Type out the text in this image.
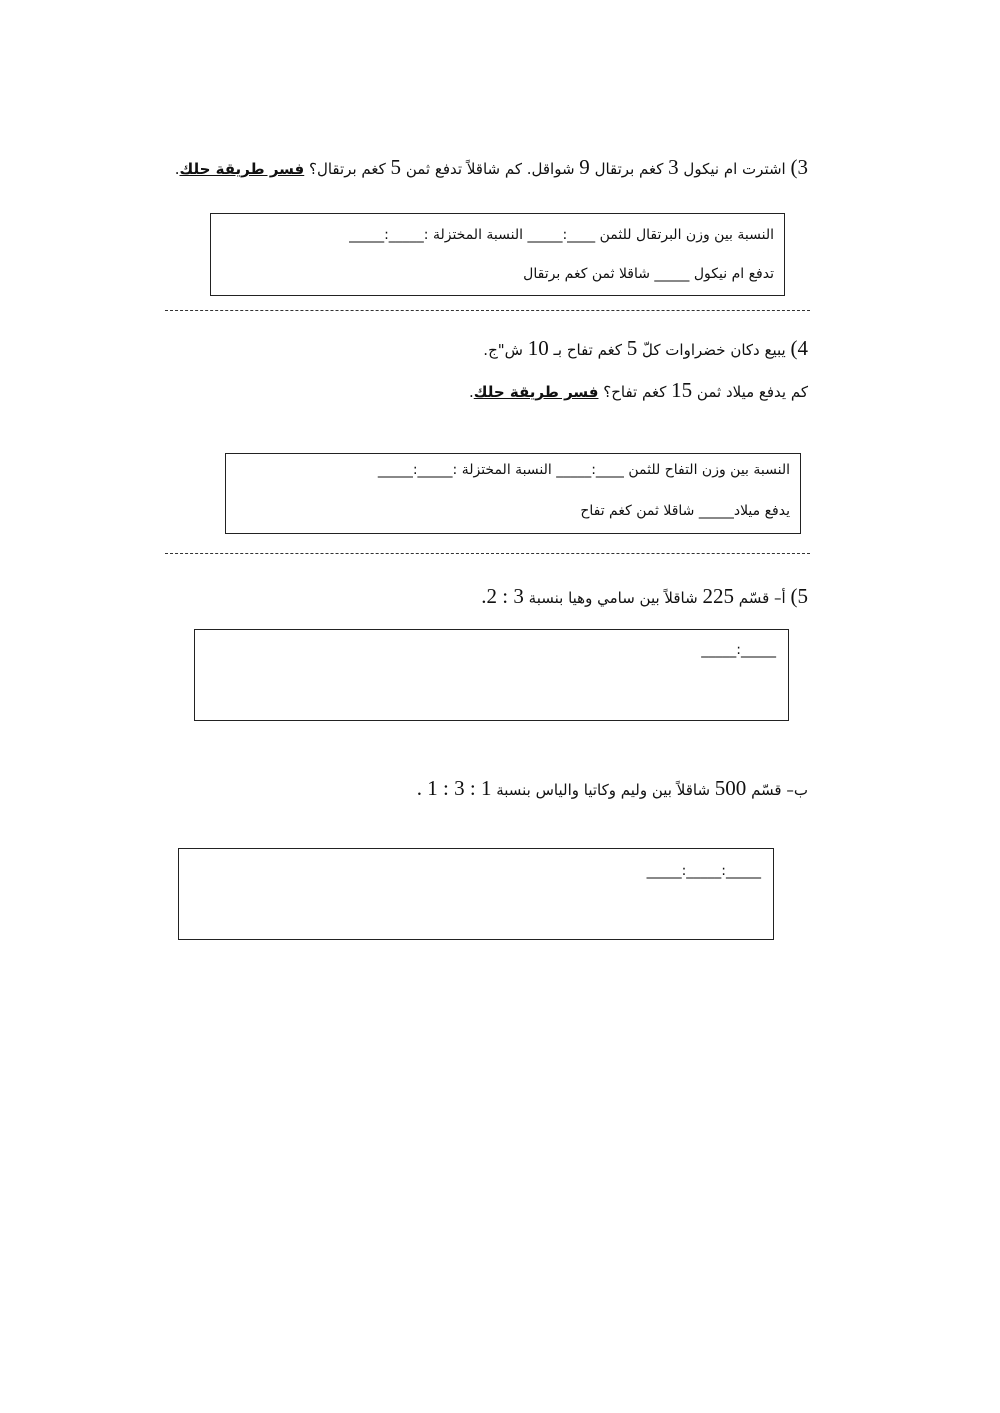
3) اشترت ام نيكول 3 كغم برتقال 9 شواقل. كم شاقلاً تدفع ثمن 5 كغم برتقال؟ فسر طريقة حلك.
النسبة بين وزن البرتقال للثمن ____:_____ النسبة المختزلة :_____:_____
تدفع ام نيكول _____ شاقلا ثمن كغم برتقال
4) يبيع دكان خضراوات كلّ 5 كغم تفاح بـ 10 ش"ج.
كم يدفع ميلاد ثمن 15 كغم تفاح؟ فسر طريقة حلك.
النسبة بين وزن التفاح للثمن ____:_____ النسبة المختزلة :_____:_____
يدفع ميلاد_____ شاقلا ثمن كغم تفاح
5) أ– قسّم 225 شاقلاً بين سامي وهيا بنسبة 3 : 2.
_____:_____
ب– قسّم 500 شاقلاً بين وليم وكاتيا والياس بنسبة 1 : 3 : 1 .
_____:_____:_____
